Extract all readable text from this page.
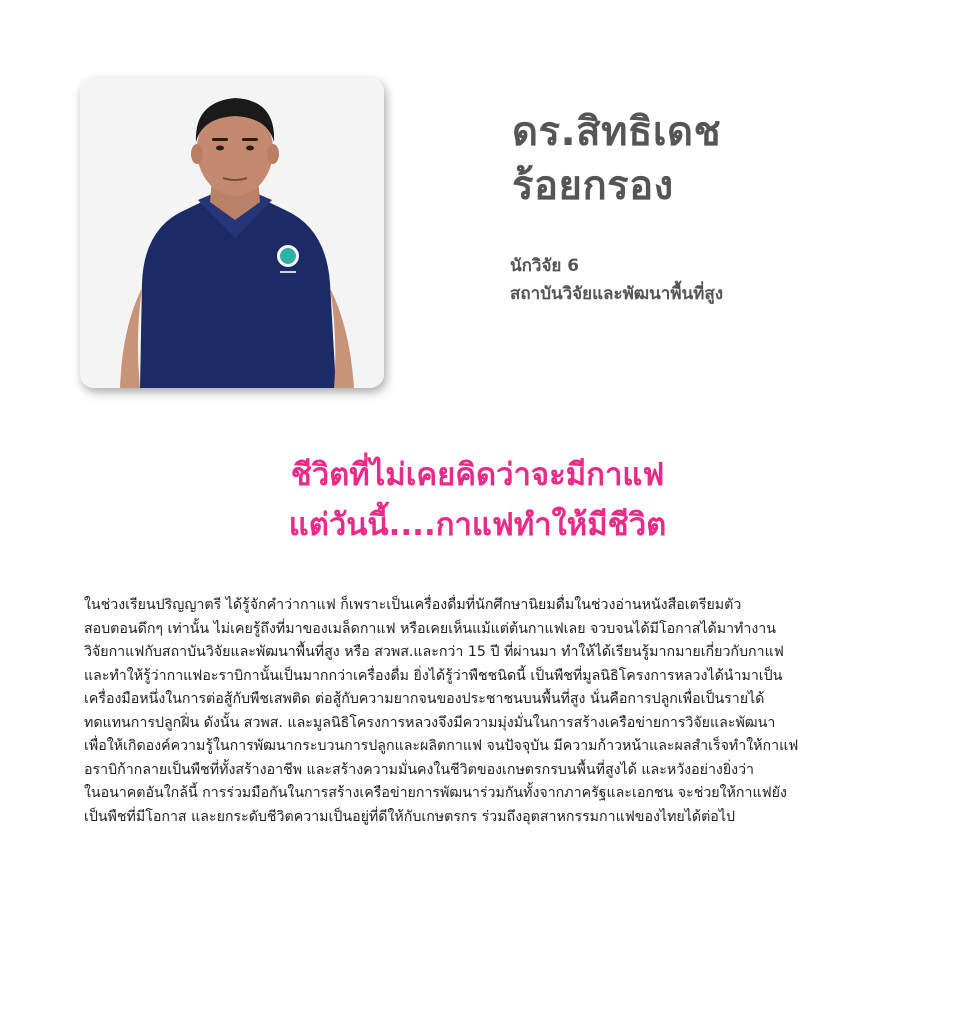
ดร.สิทธิเดช
ร้อยกรอง
นักวิจัย 6
สถาบันวิจัยและพัฒนาพื้นที่สูง
ชีวิตที่ไม่เคยคิดว่าจะมีกาแฟ
แต่วันนี้....กาแฟทำให้มีชีวิต
ในช่วงเรียนปริญญาตรี ได้รู้จักคำว่ากาแฟ ก็เพราะเป็นเครื่องดื่มที่นักศึกษานิยมดื่มในช่วงอ่านหนังสือเตรียมตัว
สอบตอนดึกๆ เท่านั้น ไม่เคยรู้ถึงที่มาของเมล็ดกาแฟ หรือเคยเห็นแม้แต่ต้นกาแฟเลย จวบจนได้มีโอกาสได้มาทำงาน
วิจัยกาแฟกับสถาบันวิจัยและพัฒนาพื้นที่สูง หรือ สวพส.และกว่า 15 ปี ที่ผ่านมา ทำให้ได้เรียนรู้มากมายเกี่ยวกับกาแฟ
และทำให้รู้ว่ากาแฟอะราบิกานั้นเป็นมากกว่าเครื่องดื่ม ยิ่งได้รู้ว่าพืชชนิดนี้ เป็นพืชที่มูลนิธิโครงการหลวงได้นำมาเป็น
เครื่องมือหนึ่งในการต่อสู้กับพืชเสพติด ต่อสู้กับความยากจนของประชาชนบนพื้นที่สูง นั่นคือการปลูกเพื่อเป็นรายได้
ทดแทนการปลูกฝิ่น ดังนั้น สวพส. และมูลนิธิโครงการหลวงจึงมีความมุ่งมั่นในการสร้างเครือข่ายการวิจัยและพัฒนา
เพื่อให้เกิดองค์ความรู้ในการพัฒนากระบวนการปลูกและผลิตกาแฟ จนปัจจุบัน มีความก้าวหน้าและผลสำเร็จทำให้กาแฟ
อราบิก้ากลายเป็นพืชที่ทั้งสร้างอาชีพ และสร้างความมั่นคงในชีวิตของเกษตรกรบนพื้นที่สูงได้ และหวังอย่างยิ่งว่า
ในอนาคตอันใกล้นี้ การร่วมมือกันในการสร้างเครือข่ายการพัฒนาร่วมกันทั้งจากภาครัฐและเอกชน จะช่วยให้กาแฟยัง
เป็นพืชที่มีโอกาส และยกระดับชีวิตความเป็นอยู่ที่ดีให้กับเกษตรกร ร่วมถึงอุตสาหกรรมกาแฟของไทยได้ต่อไป
